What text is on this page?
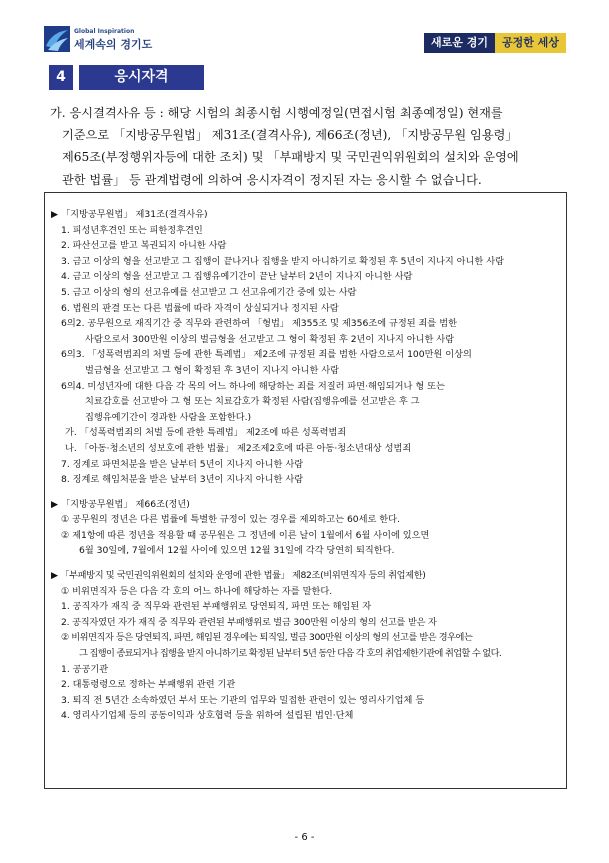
Global Inspiration
세계속의 경기도	새로운 경기	공정한 세상
4	응시자격
가. 응시결격사유 등 : 해당 시험의 최종시험 시행예정일(면접시험 최종예정일) 현재를
기준으로 「지방공무원법」 제31조(결격사유), 제66조(정년), 「지방공무원 임용령」
제65조(부정행위자등에 대한 조치) 및 「부패방지 및 국민권익위원회의 설치와 운영에
관한 법률」 등 관계법령에 의하여 응시자격이 정지된 자는 응시할 수 없습니다.
▶ 「지방공무원법」 제31조(결격사유)
1. 피성년후견인 또는 피한정후견인
2. 파산선고를 받고 복권되지 아니한 사람
3. 금고 이상의 형을 선고받고 그 집행이 끝나거나 집행을 받지 아니하기로 확정된 후 5년이 지나지 아니한 사람
4. 금고 이상의 형을 선고받고 그 집행유예기간이 끝난 날부터 2년이 지나지 아니한 사람
5. 금고 이상의 형의 선고유예를 선고받고 그 선고유예기간 중에 있는 사람
6. 법원의 판결 또는 다른 법률에 따라 자격이 상실되거나 정지된 사람
6의2. 공무원으로 재직기간 중 직무와 관련하여 「형법」 제355조 및 제356조에 규정된 죄를 범한
사람으로서 300만원 이상의 벌금형을 선고받고 그 형이 확정된 후 2년이 지나지 아니한 사람
6의3. 「성폭력범죄의 처벌 등에 관한 특례법」 제2조에 규정된 죄를 범한 사람으로서 100만원 이상의
벌금형을 선고받고 그 형이 확정된 후 3년이 지나지 아니한 사람
6의4. 미성년자에 대한 다음 각 목의 어느 하나에 해당하는 죄를 저질러 파면·해임되거나 형 또는
치료감호를 선고받아 그 형 또는 치료감호가 확정된 사람(집행유예를 선고받은 후 그
집행유예기간이 경과한 사람을 포함한다.)
가. 「성폭력범죄의 처벌 등에 관한 특례법」 제2조에 따른 성폭력범죄
나. 「아동·청소년의 성보호에 관한 법률」 제2조제2호에 따른 아동·청소년대상 성범죄
7. 징계로 파면처분을 받은 날부터 5년이 지나지 아니한 사람
8. 징계로 해임처분을 받은 날부터 3년이 지나지 아니한 사람
▶ 「지방공무원법」 제66조(정년)
① 공무원의 정년은 다른 법률에 특별한 규정이 있는 경우를 제외하고는 60세로 한다.
② 제1항에 따른 정년을 적용할 때 공무원은 그 정년에 이른 날이 1월에서 6월 사이에 있으면
6월 30일에, 7월에서 12월 사이에 있으면 12월 31일에 각각 당연히 퇴직한다.
▶ 「부패방지 및 국민권익위원회의 설치와 운영에 관한 법률」 제82조(비위면직자 등의 취업제한)
① 비위면직자 등은 다음 각 호의 어느 하나에 해당하는 자를 말한다.
1. 공직자가 재직 중 직무와 관련된 부패행위로 당연퇴직, 파면 또는 해임된 자
2. 공직자였던 자가 재직 중 직무와 관련된 부패행위로 벌금 300만원 이상의 형의 선고를 받은 자
② 비위면직자 등은 당연퇴직, 파면, 해임된 경우에는 퇴직일, 벌금 300만원 이상의 형의 선고를 받은 경우에는
그 집행이 종료되거나 집행을 받지 아니하기로 확정된 날부터 5년 동안 다음 각 호의 취업제한기관에 취업할 수 없다.
1. 공공기관
2. 대통령령으로 정하는 부패행위 관련 기관
3. 퇴직 전 5년간 소속하였던 부서 또는 기관의 업무와 밀접한 관련이 있는 영리사기업체 등
4. 영리사기업체 등의 공동이익과 상호협력 등을 위하여 설립된 법인·단체
- 6 -
